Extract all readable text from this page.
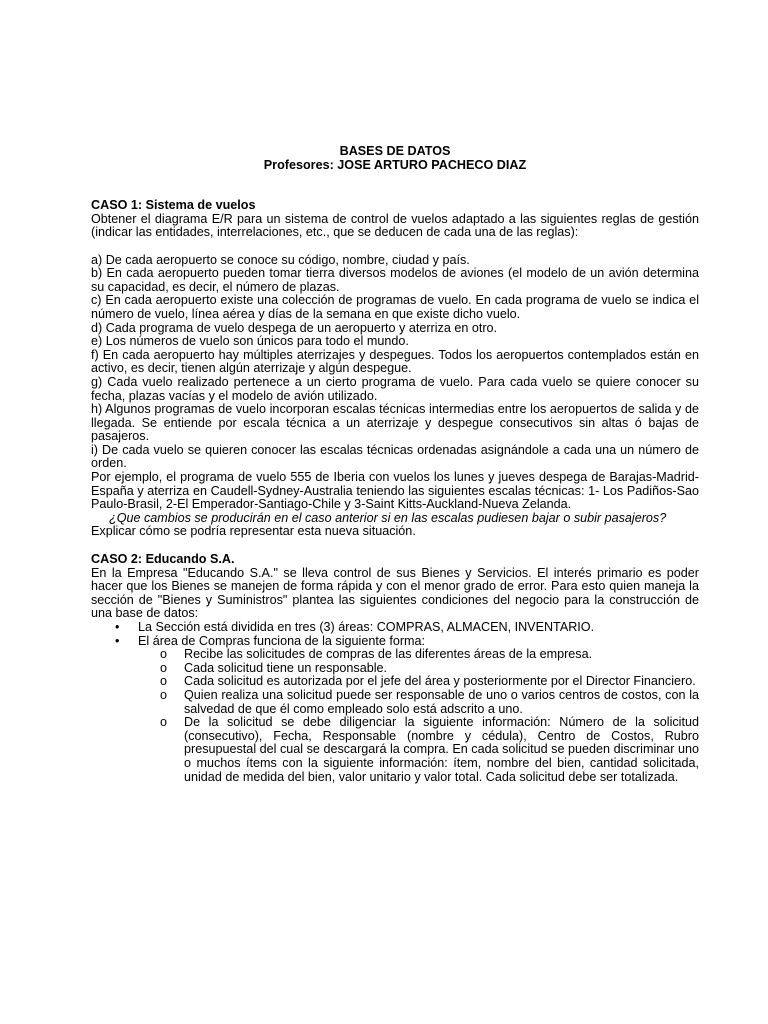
BASES DE DATOS

Profesores: JOSE ARTURO PACHECO DIAZ

CASO 1: Sistema de vuelos

Obtener el diagrama E/R para un sistema de control de vuelos adaptado a las siguientes reglas de gestión (indicar las entidades, interrelaciones, etc., que se deducen de cada una de las reglas):

a) De cada aeropuerto se conoce su código, nombre, ciudad y país.

b) En cada aeropuerto pueden tomar tierra diversos modelos de aviones (el modelo de un avión determina su capacidad, es decir, el número de plazas.

c) En cada aeropuerto existe una colección de programas de vuelo. En cada programa de vuelo se indica el número de vuelo, línea aérea y días de la semana en que existe dicho vuelo.

d) Cada programa de vuelo despega de un aeropuerto y aterriza en otro.

e) Los números de vuelo son únicos para todo el mundo.

f) En cada aeropuerto hay múltiples aterrizajes y despegues. Todos los aeropuertos contemplados están en activo, es decir, tienen algún aterrizaje y algún despegue.

g) Cada vuelo realizado pertenece a un cierto programa de vuelo. Para cada vuelo se quiere conocer su fecha, plazas vacías y el modelo de avión utilizado.

h) Algunos programas de vuelo incorporan escalas técnicas intermedias entre los aeropuertos de salida y de llegada. Se entiende por escala técnica a un aterrizaje y despegue consecutivos sin altas ó bajas de pasajeros.

i) De cada vuelo se quieren conocer las escalas técnicas ordenadas asignándole a cada una un número de orden.

Por ejemplo, el programa de vuelo 555 de Iberia con vuelos los lunes y jueves despega de Barajas-Madrid-España y aterriza en Caudell-Sydney-Australia teniendo las siguientes escalas técnicas: 1- Los Padiños-Sao Paulo-Brasil, 2-El Emperador-Santiago-Chile y 3-Saint Kitts-Auckland-Nueva Zelanda.

¿Que cambios se producirán en el caso anterior si en las escalas pudiesen bajar o subir pasajeros?

Explicar cómo se podría representar esta nueva situación.

CASO 2: Educando S.A.

En la Empresa "Educando S.A." se lleva control de sus Bienes y Servicios. El interés primario es poder hacer que los Bienes se manejen de forma rápida y con el menor grado de error. Para esto quien maneja la sección de "Bienes y Suministros" plantea las siguientes condiciones del negocio para la construcción de una base de datos:

• La Sección está dividida en tres (3) áreas: COMPRAS, ALMACEN, INVENTARIO.
• El área de Compras funciona de la siguiente forma:
o Recibe las solicitudes de compras de las diferentes áreas de la empresa.
o Cada solicitud tiene un responsable.
o Cada solicitud es autorizada por el jefe del área y posteriormente por el Director Financiero.
o Quien realiza una solicitud puede ser responsable de uno o varios centros de costos, con la salvedad de que él como empleado solo está adscrito a uno.
o De la solicitud se debe diligenciar la siguiente información: Número de la solicitud (consecutivo), Fecha, Responsable (nombre y cédula), Centro de Costos, Rubro presupuestal del cual se descargará la compra. En cada solicitud se pueden discriminar uno o muchos ítems con la siguiente información: ítem, nombre del bien, cantidad solicitada, unidad de medida del bien, valor unitario y valor total. Cada solicitud debe ser totalizada.
